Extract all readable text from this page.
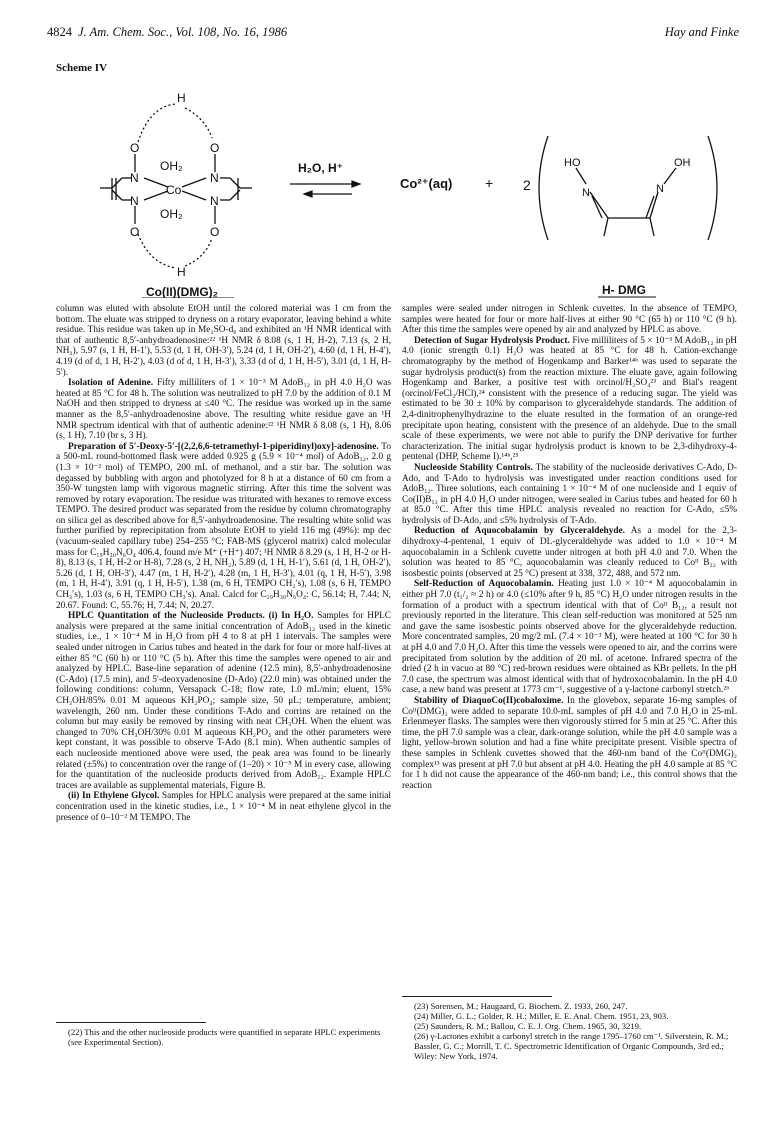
4824 J. Am. Chem. Soc., Vol. 108, No. 16, 1986	Hay and Finke
Scheme IV
H
O	O
N	N
OH₂
Co
OH₂
N	N
O	O
H
Co(II)(DMG)₂
H₂O, H⁺
Co²⁺(aq) + 2
HO
N	N
OH
H- DMG

column was eluted with absolute EtOH until the colored material was 1 cm from the bottom. The eluate was stripped to dryness on a rotary evaporator, leaving behind a white residue. This residue was taken up in Me₂SO-d₆ and exhibited an ¹H NMR identical with that of authentic 8,5′-anhydroadenosine:²² ¹H NMR δ 8.08 (s, 1 H, H-2), 7.13 (s, 2 H, NH₂), 5.97 (s, 1 H, H-1′), 5.53 (d, 1 H, OH-3′), 5.24 (d, 1 H, OH-2′), 4.60 (d, 1 H, H-4′), 4.19 (d of d, 1 H, H-2′), 4.03 (d of d, 1 H, H-3′), 3.33 (d of d, 1 H, H-5′), 3.01 (d, 1 H, H-5′).

Isolation of Adenine. Fifty milliliters of 1 × 10⁻³ M AdoB₁₂ in pH 4.0 H₂O was heated at 85 °C for 48 h. The solution was neutralized to pH 7.0 by the addition of 0.1 M NaOH and then stripped to dryness at ≤40 °C. The residue was worked up in the same manner as the 8,5′-anhydroadenosine above. The resulting white residue gave an ¹H NMR spectrum identical with that of authentic adenine:²² ¹H NMR δ 8.08 (s, 1 H), 8.06 (s, 1 H), 7.10 (br s, 3 H).

Preparation of 5′-Deoxy-5′-[(2,2,6,6-tetramethyl-1-piperidinyl)oxy]-adenosine. To a 500-mL round-bottomed flask were added 0.925 g (5.9 × 10⁻⁴ mol) of AdoB₁₂, 2.0 g (1.3 × 10⁻² mol) of TEMPO, 200 mL of methanol, and a stir bar. The solution was degassed by bubbling with argon and photolyzed for 8 h at a distance of 60 cm from a 350-W tungsten lamp with vigorous magnetic stirring. After this time the solvent was removed by rotary evaporation. The residue was triturated with hexanes to remove excess TEMPO. The desired product was separated from the residue by column chromatography on silica gel as described above for 8,5′-anhydroadenosine. The resulting white solid was further purified by reprecipitation from absolute EtOH to yield 116 mg (49%): mp dec (vacuum-sealed capillary tube) 254–255 °C; FAB-MS (glycerol matrix) calcd molecular mass for C₁₉H₃₀N₆O₄ 406.4, found m/e M⁺ (+H⁺) 407; ¹H NMR δ 8.29 (s, 1 H, H-2 or H-8), 8.13 (s, 1 H, H-2 or H-8), 7.28 (s, 2 H, NH₂), 5.89 (d, 1 H, H-1′), 5.61 (d, 1 H, OH-2′), 5.26 (d, 1 H, OH-3′), 4.47 (m, 1 H, H-2′), 4.28 (m, 1 H, H-3′), 4.01 (q, 1 H, H-5′), 3.98 (m, 1 H, H-4′), 3.91 (q, 1 H, H-5′), 1.38 (m, 6 H, TEMPO CH₂′s), 1.08 (s, 6 H, TEMPO CH₃′s), 1.03 (s, 6 H, TEMPO CH₃′s). Anal. Calcd for C₁₉H₃₀N₆O₄: C, 56.14; H, 7.44; N, 20.67. Found: C, 55.76; H, 7.44; N, 20.27.

HPLC Quantitation of the Nucleoside Products. (i) In H₂O. Samples for HPLC analysis were prepared at the same initial concentration of AdoB₁₂ used in the kinetic studies, i.e., 1 × 10⁻⁴ M in H₂O from pH 4 to 8 at pH 1 intervals. The samples were sealed under nitrogen in Carius tubes and heated in the dark for four or more half-lives at either 85 °C (60 h) or 110 °C (5 h). After this time the samples were opened to air and analyzed by HPLC. Base-line separation of adenine (12.5 min), 8,5′-anhydroadenosine (C-Ado) (17.5 min), and 5′-deoxyadenosine (D-Ado) (22.0 min) was obtained under the following conditions: column, Versapack C-18; flow rate, 1.0 mL/min; eluent, 15% CH₃OH/85% 0.01 M aqueous KH₂PO₄; sample size, 50 μL; temperature, ambient; wavelength, 260 nm. Under these conditions T-Ado and corrins are retained on the column but may easily be removed by rinsing with neat CH₃OH. When the eluent was changed to 70% CH₃OH/30% 0.01 M aqueous KH₂PO₄ and the other parameters were kept constant, it was possible to observe T-Ado (8.1 min). When authentic samples of each nucleoside mentioned above were used, the peak area was found to be linearly related (±5%) to concentration over the range of (1–20) × 10⁻⁵ M in every case, allowing for the quantitation of the nucleoside products derived from AdoB₁₂. Example HPLC traces are available as supplemental materials, Figure B.

(ii) In Ethylene Glycol. Samples for HPLC analysis were prepared at the same initial concentration used in the kinetic studies, i.e., 1 × 10⁻⁴ M in neat ethylene glycol in the presence of 0–10⁻² M TEMPO. The

(22) This and the other nucleoside products were quantified in separate HPLC experiments (see Experimental Section).

samples were sealed under nitrogen in Schlenk cuvettes. In the absence of TEMPO, samples were heated for four or more half-lives at either 90 °C (65 h) or 110 °C (9 h). After this time the samples were opened by air and analyzed by HPLC as above.

Detection of Sugar Hydrolysis Product. Five milliliters of 5 × 10⁻³ M AdoB₁₂ in pH 4.0 (ionic strength 0.1) H₂O was heated at 85 °C for 48 h. Cation-exchange chromatography by the method of Hogenkamp and Barker¹⁴ᵇ was used to separate the sugar hydrolysis product(s) from the reaction mixture. The eluate gave, again following Hogenkamp and Barker, a positive test with orcinol/H₂SO₄²³ and Bial's reagent (orcinol/FeCl₃/HCl),²⁴ consistent with the presence of a reducing sugar. The yield was estimated to be 30 ± 10% by comparison to glyceraldehyde standards. The addition of 2,4-dinitrophenylhydrazine to the eluate resulted in the formation of an orange-red precipitate upon heating, consistent with the presence of an aldehyde. Due to the small scale of these experiments, we were not able to purify the DNP derivative for further characterization. The initial sugar hydrolysis product is known to be 2,3-dihydroxy-4-pentenal (DHP, Scheme I).¹⁴ᵇ,²⁵

Nucleoside Stability Controls. The stability of the nucleoside derivatives C-Ado, D-Ado, and T-Ado to hydrolysis was investigated under reaction conditions used for AdoB₁₂. Three solutions, each containing 1 × 10⁻⁴ M of one nucleoside and 1 equiv of Co(II)B₁₂ in pH 4.0 H₂O under nitrogen, were sealed in Carius tubes and heated for 60 h at 85.0 °C. After this time HPLC analysis revealed no reaction for C-Ado, ≤5% hydrolysis of D-Ado, and ≤5% hydrolysis of T-Ado.

Reduction of Aquocobalamin by Glyceraldehyde. As a model for the 2,3-dihydroxy-4-pentenal, 1 equiv of DL-glyceraldehyde was added to 1.0 × 10⁻⁴ M aquocobalamin in a Schlenk cuvette under nitrogen at both pH 4.0 and 7.0. When the solution was heated to 85 °C, aquocobalamin was cleanly reduced to Coᴵᴵ B₁₂ with isosbestic points (observed at 25 °C) present at 338, 372, 488, and 572 nm.

Self-Reduction of Aquocobalamin. Heating just 1.0 × 10⁻⁴ M aquocobalamin in either pH 7.0 (t₁/₂ ≈ 2 h) or 4.0 (≤10% after 9 h, 85 °C) H₂O under nitrogen results in the formation of a product with a spectrum identical with that of Coᴵᴵ B₁₂, a result not previously reported in the literature. This clean self-reduction was monitored at 525 nm and gave the same isosbestic points observed above for the glyceraldehyde reduction. More concentrated samples, 20 mg/2 mL (7.4 × 10⁻³ M), were heated at 100 °C for 30 h at pH 4.0 and 7.0 H₂O. After this time the vessels were opened to air, and the corrins were precipitated from solution by the addition of 20 mL of acetone. Infrared spectra of the dried (2 h in vacuo at 80 °C) red-brown residues were obtained as KBr pellets. In the pH 7.0 case, the spectrum was almost identical with that of hydroxocobalamin. In the pH 4.0 case, a new band was present at 1773 cm⁻¹, suggestive of a γ-lactone carbonyl stretch.²⁶

Stability of DiaquoCo(II)cobaloxime. In the glovebox, separate 16-mg samples of Coᴵᴵ(DMG)₂ were added to separate 10.0-mL samples of pH 4.0 and 7.0 H₂O in 25-mL Erlenmeyer flasks. The samples were then vigorously stirred for 5 min at 25 °C. After this time, the pH 7.0 sample was a clear, dark-orange solution, while the pH 4.0 sample was a light, yellow-brown solution and had a fine white precipitate present. Visible spectra of these samples in Schlenk cuvettes showed that the 460-nm band of the Coᴵᴵ(DMG)₂ complex¹³ was present at pH 7.0 but absent at pH 4.0. Heating the pH 4.0 sample at 85 °C for 1 h did not cause the appearance of the 460-nm band; i.e., this control shows that the reaction

(23) Sorensen, M.; Haugaard, G. Biochem. Z. 1933, 260, 247.

(24) Miller, G. L.; Golder, R. H.; Miller, E. E. Anal. Chem. 1951, 23, 903.

(25) Saunders, R. M.; Ballou, C. E. J. Org. Chem. 1965, 30, 3219.

(26) γ-Lactones exhibit a carbonyl stretch in the range 1795–1760 cm⁻¹. Silverstein, R. M.; Bassler, G. C.; Morrill, T. C. Spectrometric Identification of Organic Compounds, 3rd ed.; Wiley: New York, 1974.
